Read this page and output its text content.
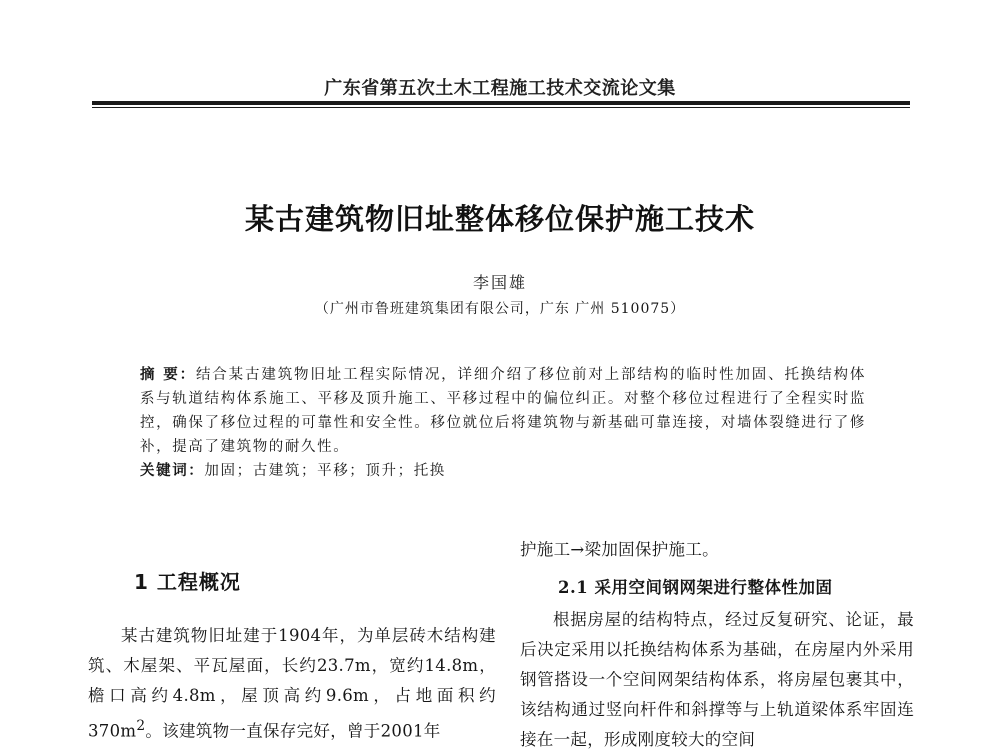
广东省第五次土木工程施工技术交流论文集
某古建筑物旧址整体移位保护施工技术
李国雄
（广州市鲁班建筑集团有限公司，广东 广州 510075）
摘 要：结合某古建筑物旧址工程实际情况，详细介绍了移位前对上部结构的临时性加固、托换结构体系与轨道结构体系施工、平移及顶升施工、平移过程中的偏位纠正。对整个移位过程进行了全程实时监控，确保了移位过程的可靠性和安全性。移位就位后将建筑物与新基础可靠连接，对墙体裂缝进行了修补，提高了建筑物的耐久性。
关键词：加固；古建筑；平移；顶升；托换
1 工程概况

某古建筑物旧址建于1904年，为单层砖木结构建筑、木屋架、平瓦屋面，长约23.7m，宽约14.8m，檐口高约4.8m，屋顶高约9.6m，占地面积约$370m^2$。该建筑物一直保存完好，曾于2001年

护施工→梁加固保护施工。

2.1 采用空间钢网架进行整体性加固

根据房屋的结构特点，经过反复研究、论证，最后决定采用以托换结构体系为基础，在房屋内外采用钢管搭设一个空间网架结构体系，将房屋包裹其中，该结构通过竖向杆件和斜撑等与上轨道梁体系牢固连接在一起，形成刚度较大的空间
